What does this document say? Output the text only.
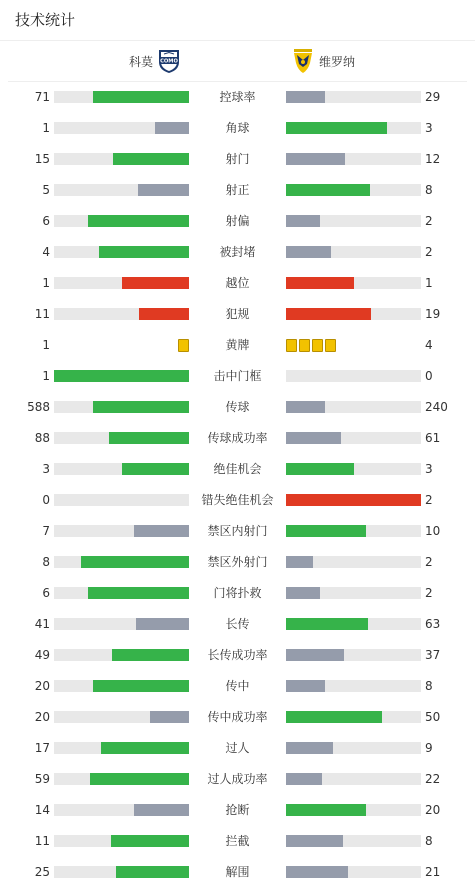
技术统计
科莫 COMO	维罗纳
71	控球率	29
1	角球	3
15	射门	12
5	射正	8
6	射偏	2
4	被封堵	2
1	越位	1
11	犯规	19
1	黄牌	4
1	击中门框	0
588	传球	240
88	传球成功率	61
3	绝佳机会	3
0	错失绝佳机会	2
7	禁区内射门	10
8	禁区外射门	2
6	门将扑救	2
41	长传	63
49	长传成功率	37
20	传中	8
20	传中成功率	50
17	过人	9
59	过人成功率	22
14	抢断	20
11	拦截	8
25	解围	21
